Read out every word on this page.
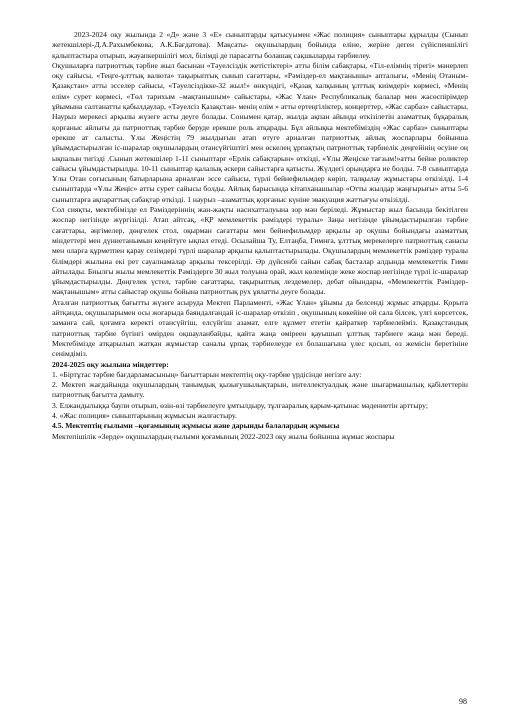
2023-2024 оқу жылында 2 «Д» және 3 «Е» сыныптарды қатысуымен «Жас полиция» сыныптары құрылды (Сынып жетекшілері-Д.А.Рахымбекова, А.К.Бағдатова). Мақсаты- оқушылардың бойында еліне, жеріне деген сүйіспеншілігі қалыптастыра отырып, жауапкершілігі мол, білімді де парасатты болашақ сақшыларды тәрбиелеу.

Оқушыларға патриоттық тәрбие жыл басынан «Тәуелсіздік жетістіктері» атты білім сабақтары, «Тіл-елімнің тірегі» мәнерлеп оқу сайысы, «Теңге-ұлттық валюта» тақырыптық сынып сағаттары, «Рәміздер-ел мақтанышы» апталығы, «Менің Отаным-Қазақстан» атты эсселер сайысы, «Тәуелсіздікке-32 жыл!» өнкүндігі, «Қазақ халқының ұлттық киімдері» көрмесі, «Менің елім» сурет көрмесі, «Төл тарихым –мақтанышым» сайыстары, «Жас Ұлан» Республикалық балалар мен жасөспірімдер ұйымына салтанатты қабылдаулар, «Тәуелсіз Қазақстан- менің елім » атты ертеңгіліктер, концерттер, «Жас сарбаз» сайыстары, Наурыз мерекесі арқылы жүзеге асты деуге болады. Сонымен қатар, жылда ақпан айында өткізілетін азаматтық бұқаралық қорғаныс айлығы да патриоттық тәрбие беруде ерекше роль атқарады. Бұл айлықка мектебіміздің «Жас сарбаз» сыныптары ерекше ат салысты. Ұлы Жеңістің 79 жылдығын атап өтуге арналған патриоттық айлық жоспарлары бойынша ұйымдастырылған іс-шаралар оқушылардың отансүйгіштігі мен өскелең ұрпақтың патриоттық тәрбиелік деңгейінің өсуіне оң ықпалын тигізді .Сынып жетекшілер 1-11 сыныптарғ «Ерлік сабақтарын» өткізді, «Ұлы Жеңіске тағзым!»атты бейне роликтер сайысы ұйымдастырылды. 10-11 сыныптар қалалық әскери сайыстарға қатысты. Жүлдегі орындарға ие болды. 7-8 сыныптарда Ұлы Отан соғысының батырларына арналған эссе сайысы, түрлі бейнефильмдер көріп, талқылау жұмыстары өткізілді. 1-4 сыныптарда «Ұлы Жеңіс» атты сурет сайысы болды. Айлық барысында кітапханашылар «Отты жылдар жаңғырығы» атты 5-6 сыныптарға ақпараттық сабақтар өткізді. 1 наурыз –азаматтық қорғаныс күніне эвакуация жаттығуы өткізілді.

Сол сияқты, мектебімізде ел Рәміздеріннің жан-жақты насихатталуына зор мән беріледі. Жұмыстар жыл басында бекітілген жоспар негізінде жүргізілді. Атап айтсақ, «ҚР мемлекеттік рәміздері туралы» Заңы негізінде ұйымдастырылған тәрбие сағаттары, әңгімелер, дөңгелек стол, оқырман сағаттары мен бейнефильмдер арқылы әр оқушы бойындағы азаматтық міндеттері мен дүниетанымын кеңейтуге ықпал етеді. Осылайша Ту, Елтаңба, Гимнға, ұлттық мерекелерге патриоттық санасы мен оларға құрметпен қарау сезімдері түрлі шаралар арқылы қалыптастырылады. Оқушылардың мемлекеттік рәміздер туралы білімдері жылына екі рет сауалнамалар арқылы тексерілді. Әр дүйсенбі сайын сабақ басталар алдында мемлекеттік Гимн айтылады. Биылғы жылы мемлекеттік Рәміздерге 30 жыл толуына орай, жыл көлемінде жеке жоспар негізінде түрлі іс-шаралар ұйымдастырылды. Дөңгелек үстел, тәрбие сағаттары, тақырыптық лездемелер, дебат ойындары, «Мемлекеттік Рәміздер-мақтанышым» атты сайыстар оқушы бойына патриоттық рух ұялатты деуге болады.

Аталған патриоттық бағытты жүзеге асыруда Мектеп Парламенті, «Жас Ұлан» ұйымы да белсенді жұмыс атқарды. Қорыта айтқанда, оқушыларымен осы жоғарыда баяндалғандай іс-шаралар өткізіп , оқушының көкейіне ой сала білсек, үлгі көрсетсек, заманға сай, қоғамға керекті отансүйгіш, елсүйгіш азамат, елге құлмет ететін қайраткер тәрбиелейміз. Қазақстандық патриоттық тәрбие бүгінгі өмірден оқшауланбайды, қайта жаңа өміреен қауышып ұлттық тәрбиеге жаңа мән береді. Мектебімізде атқарылып жатқан жұмыстар саналы ұрпақ тәрбиелеуде ел болашағына үлес қосып, өз жемісін беретініне сенімдіміз.

2024-2025 оқу жылына міндеттер:

1. «Біртұтас тәрбие бағдарламасының» бағыттарын мектептің оқу-тәрбие үрдісінде негізге алу:

2. Мектеп жағдайында оқушылардың танымдық қызығушылықтарын, интеллектуалдық және шығармашылық қабілеттерін патриоттық бағытта дамыту.

3. Елжандылыққа баули отырып, өзін-өзі тәрбиелеуге ұмтылдыру, тұлғааралық қарым-қатынас мәдениетін арттыру;

4. «Жас полиция» сыныптарының жұмысын жалғастыру.

4.5. Мектептің ғылыми –қоғамының жұмысы және дарынды балалардың жұмысы

Мектепішілік «Зерде» оқушылардың ғылыми қоғамының 2022-2023 оқу жылы бойынша жұмыс жоспары

98
